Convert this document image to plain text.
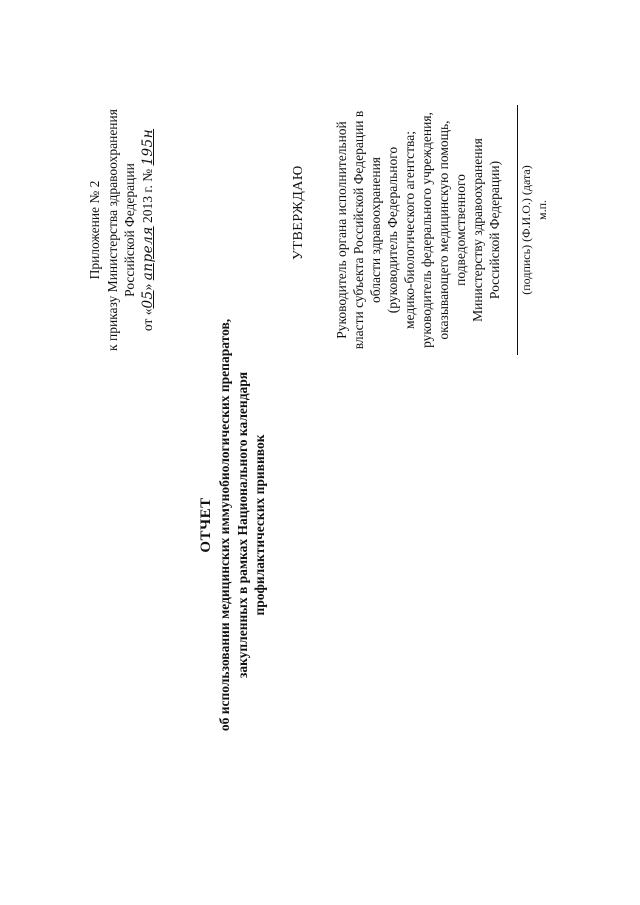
Приложение № 2 к приказу Министерства здравоохранения Российской Федерации
от «05» апреля 2013 г. № 195н
ОТЧЕТ об использовании медицинских иммунобиологических препаратов, закупленных в рамках Национального календаря профилактических прививок
УТВЕРЖДАЮ Руководитель органа исполнительной власти субъекта Российской Федерации в области здравоохранения (руководитель Федерального медико-биологического агентства; руководитель федерального учреждения, оказывающего медицинскую помощь, подведомственного Министерству здравоохранения Российской Федерации) (подпись) (Ф.И.О.) (дата) м.п.
